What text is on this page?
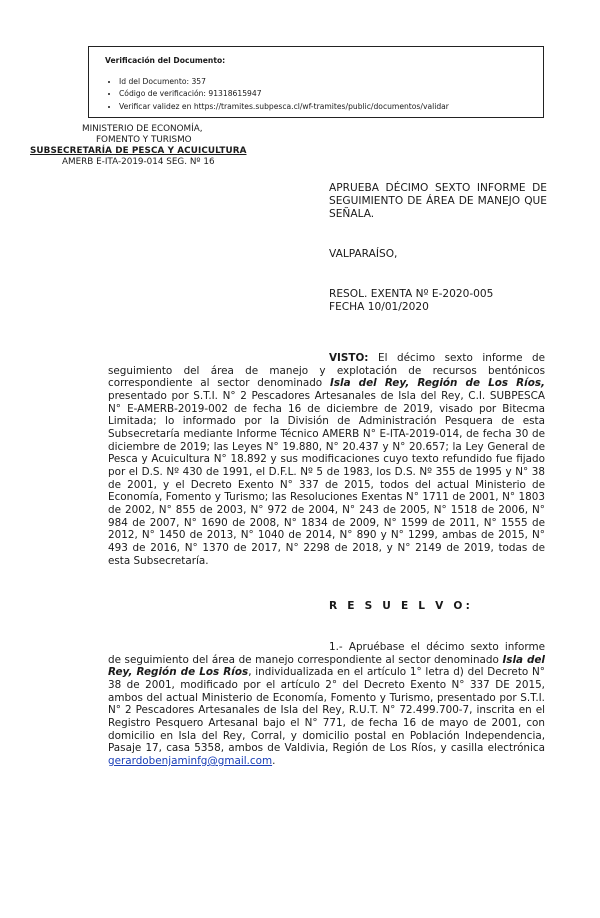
Verificación del Documento:
• Id del Documento: 357
• Código de verificación: 91318615947
• Verificar validez en https://tramites.subpesca.cl/wf-tramites/public/documentos/validar
MINISTERIO DE ECONOMÍA,
FOMENTO Y TURISMO
SUBSECRETARÍA DE PESCA Y ACUICULTURA
AMERB E-ITA-2019-014 SEG. Nº 16
APRUEBA DÉCIMO SEXTO INFORME DE SEGUIMIENTO DE ÁREA DE MANEJO QUE SEÑALA.
VALPARAÍSO,
RESOL. EXENTA Nº E-2020-005
FECHA 10/01/2020
VISTO: El décimo sexto informe de seguimiento del área de manejo y explotación de recursos bentónicos correspondiente al sector denominado Isla del Rey, Región de Los Ríos, presentado por S.T.I. N° 2 Pescadores Artesanales de Isla del Rey, C.I. SUBPESCA N° E-AMERB-2019-002 de fecha 16 de diciembre de 2019, visado por Bitecma Limitada; lo informado por la División de Administración Pesquera de esta Subsecretaría mediante Informe Técnico AMERB N° E-ITA-2019-014, de fecha 30 de diciembre de 2019; las Leyes N° 19.880, N° 20.437 y N° 20.657; la Ley General de Pesca y Acuicultura N° 18.892 y sus modificaciones cuyo texto refundido fue fijado por el D.S. Nº 430 de 1991, el D.F.L. Nº 5 de 1983, los D.S. Nº 355 de 1995 y N° 38 de 2001, y el Decreto Exento N° 337 de 2015, todos del actual Ministerio de Economía, Fomento y Turismo; las Resoluciones Exentas N° 1711 de 2001, N° 1803 de 2002, N° 855 de 2003, N° 972 de 2004, N° 243 de 2005, N° 1518 de 2006, N° 984 de 2007, N° 1690 de 2008, N° 1834 de 2009, N° 1599 de 2011, N° 1555 de 2012, N° 1450 de 2013, N° 1040 de 2014, N° 890 y N° 1299, ambas de 2015, N° 493 de 2016, N° 1370 de 2017, N° 2298 de 2018, y N° 2149 de 2019, todas de esta Subsecretaría.
R E S U E L V O:
1.- Apruébase el décimo sexto informe de seguimiento del área de manejo correspondiente al sector denominado Isla del Rey, Región de Los Ríos, individualizada en el artículo 1° letra d) del Decreto N° 38 de 2001, modificado por el artículo 2° del Decreto Exento N° 337 DE 2015, ambos del actual Ministerio de Economía, Fomento y Turismo, presentado por S.T.I. N° 2 Pescadores Artesanales de Isla del Rey, R.U.T. N° 72.499.700-7, inscrita en el Registro Pesquero Artesanal bajo el N° 771, de fecha 16 de mayo de 2001, con domicilio en Isla del Rey, Corral, y domicilio postal en Población Independencia, Pasaje 17, casa 5358, ambos de Valdivia, Región de Los Ríos, y casilla electrónica gerardobenjaminfg@gmail.com.
